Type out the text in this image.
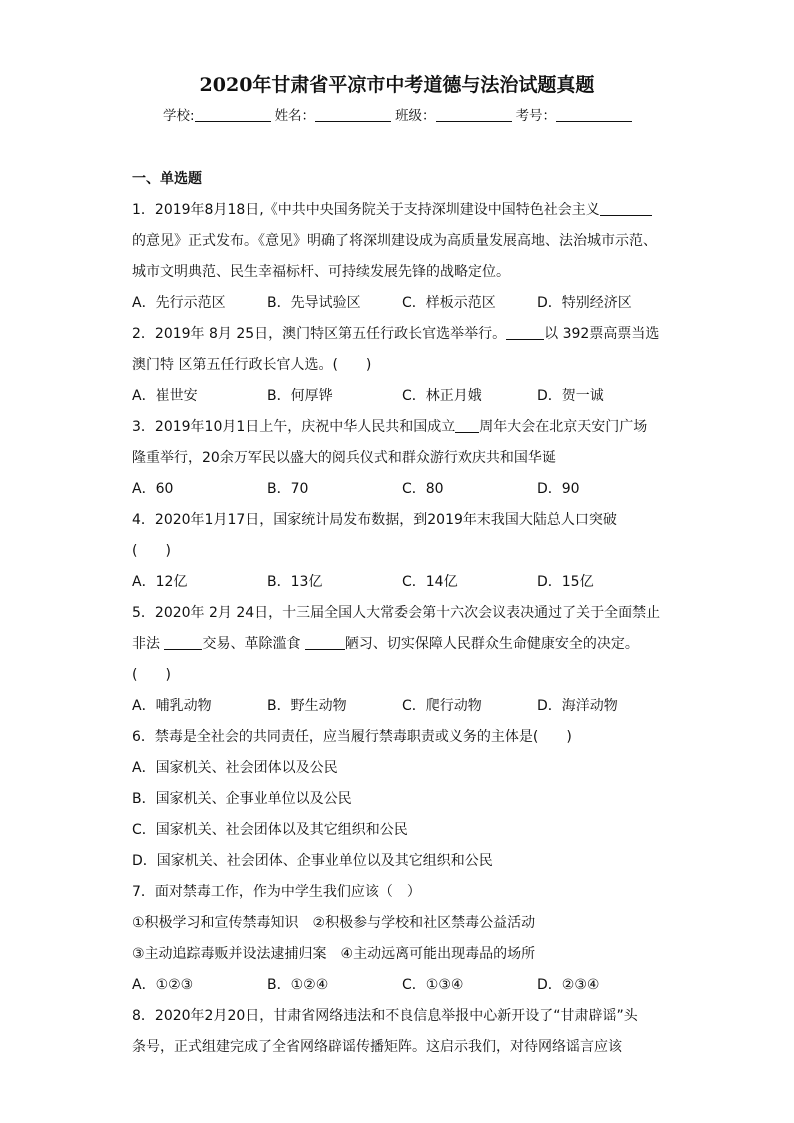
2020年甘肃省平凉市中考道德与法治试题真题
学校:	姓名：	班级：	考号：
一、单选题
1．2019年8月18日,《中共中央国务院关于支持深圳建设中国特色社会主义
的意见》正式发布。《意见》明确了将深圳建设成为高质量发展高地、法治城市示范、
城市文明典范、民生幸福标杆、可持续发展先锋的战略定位。
A．先行示范区	B．先导试验区	C．样板示范区	D．特别经济区
2．2019年 8月 25日，澳门特区第五任行政长官选举举行。	以 392票高票当选
澳门特 区第五任行政长官人选。(　　)
A．崔世安	B．何厚铧	C．林正月娥	D．贺一诚
3．2019年10月1日上午，庆祝中华人民共和国成立 周年大会在北京天安门广场
隆重举行，20余万军民以盛大的阅兵仪式和群众游行欢庆共和国华诞
A．60	B．70	C．80	D．90
4．2020年1月17日，国家统计局发布数据，到2019年末我国大陆总人口突破
(　　)
A．12亿	B．13亿	C．14亿	D．15亿
5．2020年 2月 24日，十三届全国人大常委会第十六次会议表决通过了关于全面禁止
非法	交易、革除滥食	陋习、切实保障人民群众生命健康安全的决定。
(　　)
A．哺乳动物	B．野生动物	C．爬行动物	D．海洋动物
6．禁毒是全社会的共同责任，应当履行禁毒职责或义务的主体是(　　)
A．国家机关、社会团体以及公民
B．国家机关、企事业单位以及公民
C．国家机关、社会团体以及其它组织和公民
D．国家机关、社会团体、企事业单位以及其它组织和公民
7．面对禁毒工作，作为中学生我们应该（　）
①积极学习和宣传禁毒知识　②积极参与学校和社区禁毒公益活动
③主动追踪毒贩并设法逮捕归案　④主动远离可能出现毒品的场所
A．①②③	B．①②④	C．①③④	D．②③④
8．2020年2月20日，甘肃省网络违法和不良信息举报中心新开设了“甘肃辟谣”头
条号，正式组建完成了全省网络辟谣传播矩阵。这启示我们，对待网络谣言应该
